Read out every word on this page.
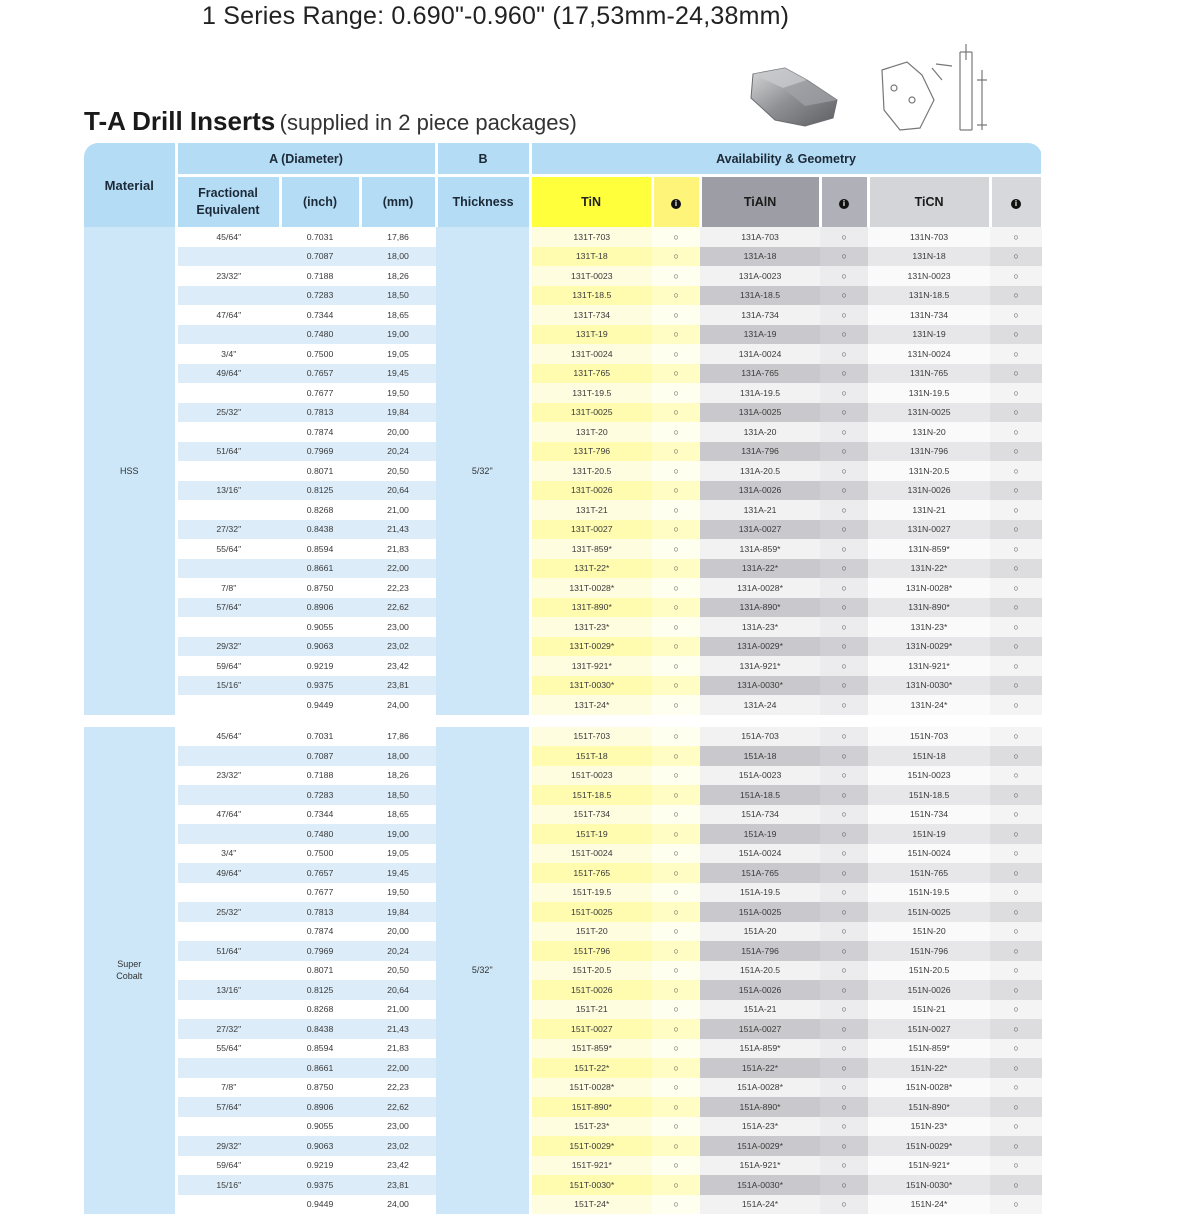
1 Series Range: 0.690"-0.960" (17,53mm-24,38mm)
T-A Drill Inserts (supplied in 2 piece packages)
Material	A (Diameter)			B	Availability & Geometry					
	Fractional Equivalent	(inch)	(mm)	Thickness	TiN	i	TiAlN	i	TiCN	i
HSS	45/64"	0.7031	17,86	5/32"	131T-703	○	131A-703	○	131N-703	○
		0.7087	18,00		131T-18	○	131A-18	○	131N-18	○
	23/32"	0.7188	18,26		131T-0023	○	131A-0023	○	131N-0023	○
		0.7283	18,50		131T-18.5	○	131A-18.5	○	131N-18.5	○
	47/64"	0.7344	18,65		131T-734	○	131A-734	○	131N-734	○
		0.7480	19,00		131T-19	○	131A-19	○	131N-19	○
	3/4"	0.7500	19,05		131T-0024	○	131A-0024	○	131N-0024	○
	49/64"	0.7657	19,45		131T-765	○	131A-765	○	131N-765	○
		0.7677	19,50		131T-19.5	○	131A-19.5	○	131N-19.5	○
	25/32"	0.7813	19,84		131T-0025	○	131A-0025	○	131N-0025	○
		0.7874	20,00		131T-20	○	131A-20	○	131N-20	○
	51/64"	0.7969	20,24		131T-796	○	131A-796	○	131N-796	○
		0.8071	20,50		131T-20.5	○	131A-20.5	○	131N-20.5	○
	13/16"	0.8125	20,64		131T-0026	○	131A-0026	○	131N-0026	○
		0.8268	21,00		131T-21	○	131A-21	○	131N-21	○
	27/32"	0.8438	21,43		131T-0027	○	131A-0027	○	131N-0027	○
	55/64"	0.8594	21,83		131T-859*	○	131A-859*	○	131N-859*	○
		0.8661	22,00		131T-22*	○	131A-22*	○	131N-22*	○
	7/8"	0.8750	22,23		131T-0028*	○	131A-0028*	○	131N-0028*	○
	57/64"	0.8906	22,62		131T-890*	○	131A-890*	○	131N-890*	○
		0.9055	23,00		131T-23*	○	131A-23*	○	131N-23*	○
	29/32"	0.9063	23,02		131T-0029*	○	131A-0029*	○	131N-0029*	○
	59/64"	0.9219	23,42		131T-921*	○	131A-921*	○	131N-921*	○
	15/16"	0.9375	23,81		131T-0030*	○	131A-0030*	○	131N-0030*	○
		0.9449	24,00		131T-24*	○	131A-24	○	131N-24*	○
Super Cobalt	45/64"	0.7031	17,86	5/32"	151T-703	○	151A-703	○	151N-703	○
		0.7087	18,00		151T-18	○	151A-18	○	151N-18	○
	23/32"	0.7188	18,26		151T-0023	○	151A-0023	○	151N-0023	○
		0.7283	18,50		151T-18.5	○	151A-18.5	○	151N-18.5	○
	47/64"	0.7344	18,65		151T-734	○	151A-734	○	151N-734	○
		0.7480	19,00		151T-19	○	151A-19	○	151N-19	○
	3/4"	0.7500	19,05		151T-0024	○	151A-0024	○	151N-0024	○
	49/64"	0.7657	19,45		151T-765	○	151A-765	○	151N-765	○
		0.7677	19,50		151T-19.5	○	151A-19.5	○	151N-19.5	○
	25/32"	0.7813	19,84		151T-0025	○	151A-0025	○	151N-0025	○
		0.7874	20,00		151T-20	○	151A-20	○	151N-20	○
	51/64"	0.7969	20,24		151T-796	○	151A-796	○	151N-796	○
		0.8071	20,50		151T-20.5	○	151A-20.5	○	151N-20.5	○
	13/16"	0.8125	20,64		151T-0026	○	151A-0026	○	151N-0026	○
		0.8268	21,00		151T-21	○	151A-21	○	151N-21	○
	27/32"	0.8438	21,43		151T-0027	○	151A-0027	○	151N-0027	○
	55/64"	0.8594	21,83		151T-859*	○	151A-859*	○	151N-859*	○
		0.8661	22,00		151T-22*	○	151A-22*	○	151N-22*	○
	7/8"	0.8750	22,23		151T-0028*	○	151A-0028*	○	151N-0028*	○
	57/64"	0.8906	22,62		151T-890*	○	151A-890*	○	151N-890*	○
		0.9055	23,00		151T-23*	○	151A-23*	○	151N-23*	○
	29/32"	0.9063	23,02		151T-0029*	○	151A-0029*	○	151N-0029*	○
	59/64"	0.9219	23,42		151T-921*	○	151A-921*	○	151N-921*	○
	15/16"	0.9375	23,81		151T-0030*	○	151A-0030*	○	151N-0030*	○
		0.9449	24,00		151T-24*	○	151A-24*	○	151N-24*	○
